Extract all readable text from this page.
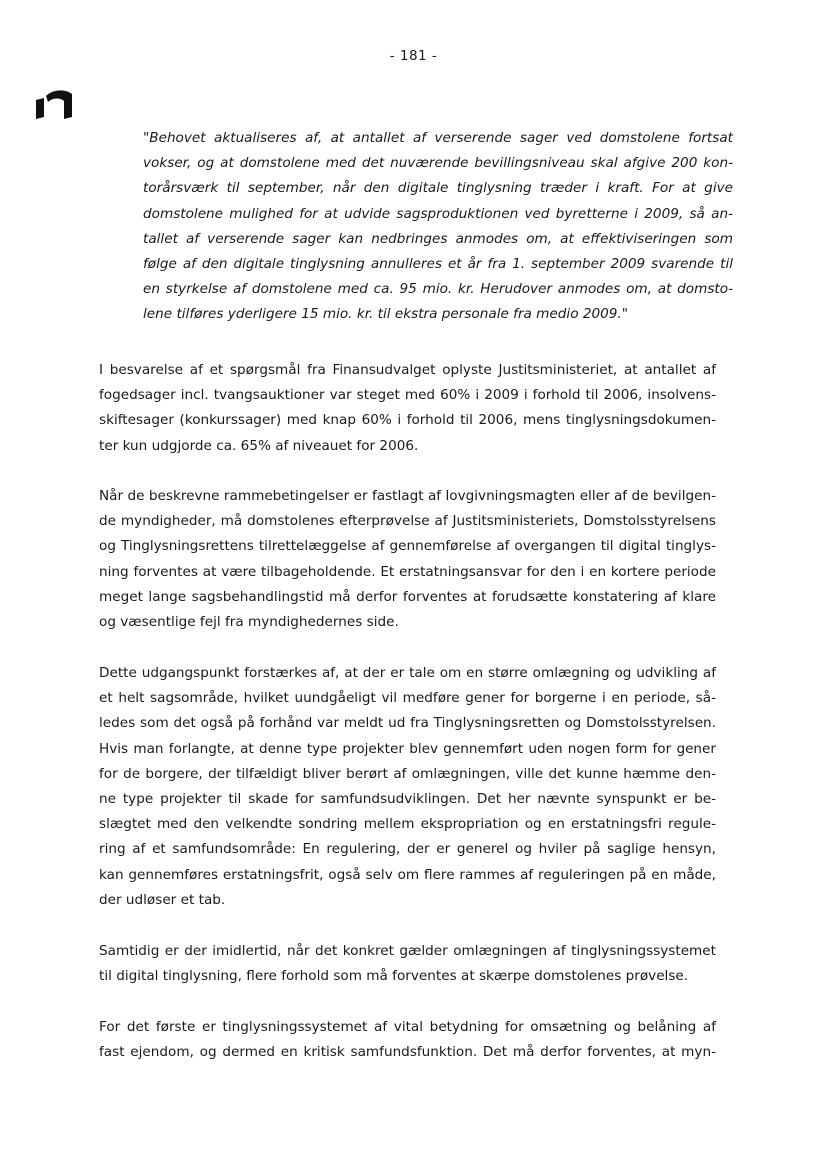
- 181 -
"Behovet aktualiseres af, at antallet af verserende sager ved domstolene fortsat
vokser, og at domstolene med det nuværende bevillingsniveau skal afgive 200 kon-
torårsværk til september, når den digitale tinglysning træder i kraft. For at give
domstolene mulighed for at udvide sagsproduktionen ved byretterne i 2009, så an-
tallet af verserende sager kan nedbringes anmodes om, at effektiviseringen som
følge af den digitale tinglysning annulleres et år fra 1. september 2009 svarende til
en styrkelse af domstolene med ca. 95 mio. kr. Herudover anmodes om, at domsto-
lene tilføres yderligere 15 mio. kr. til ekstra personale fra medio 2009."
I besvarelse af et spørgsmål fra Finansudvalget oplyste Justitsministeriet, at antallet af
fogedsager incl. tvangsauktioner var steget med 60% i 2009 i forhold til 2006, insolvens-
skiftesager (konkurssager) med knap 60% i forhold til 2006, mens tinglysningsdokumen-
ter kun udgjorde ca. 65% af niveauet for 2006.
Når de beskrevne rammebetingelser er fastlagt af lovgivningsmagten eller af de bevilgen-
de myndigheder, må domstolenes efterprøvelse af Justitsministeriets, Domstolsstyrelsens
og Tinglysningsrettens tilrettelæggelse af gennemførelse af overgangen til digital tinglys-
ning forventes at være tilbageholdende. Et erstatningsansvar for den i en kortere periode
meget lange sagsbehandlingstid må derfor forventes at forudsætte konstatering af klare
og væsentlige fejl fra myndighedernes side.
Dette udgangspunkt forstærkes af, at der er tale om en større omlægning og udvikling af
et helt sagsområde, hvilket uundgåeligt vil medføre gener for borgerne i en periode, så-
ledes som det også på forhånd var meldt ud fra Tinglysningsretten og Domstolsstyrelsen.
Hvis man forlangte, at denne type projekter blev gennemført uden nogen form for gener
for de borgere, der tilfældigt bliver berørt af omlægningen, ville det kunne hæmme den-
ne type projekter til skade for samfundsudviklingen. Det her nævnte synspunkt er be-
slægtet med den velkendte sondring mellem ekspropriation og en erstatningsfri regule-
ring af et samfundsområde: En regulering, der er generel og hviler på saglige hensyn,
kan gennemføres erstatningsfrit, også selv om flere rammes af reguleringen på en måde,
der udløser et tab.
Samtidig er der imidlertid, når det konkret gælder omlægningen af tinglysningssystemet
til digital tinglysning, flere forhold som må forventes at skærpe domstolenes prøvelse.
For det første er tinglysningssystemet af vital betydning for omsætning og belåning af
fast ejendom, og dermed en kritisk samfundsfunktion. Det må derfor forventes, at myn-
